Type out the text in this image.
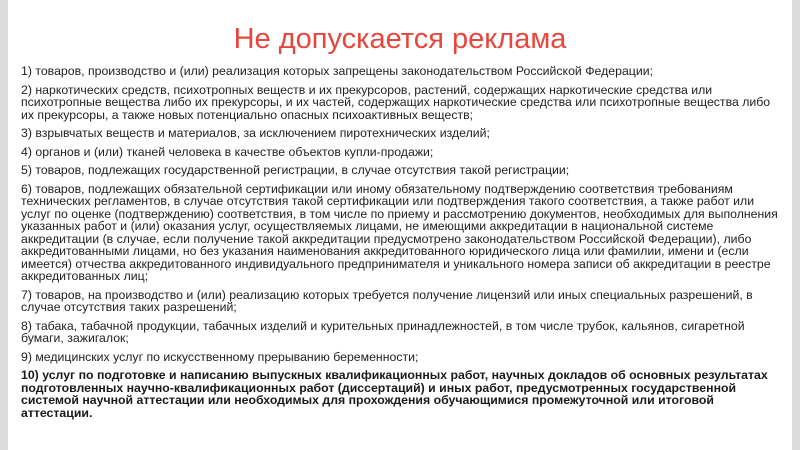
Не допускается реклама

1) товаров, производство и (или) реализация которых запрещены законодательством Российской Федерации;

2) наркотических средств, психотропных веществ и их прекурсоров, растений, содержащих наркотические средства или психотропные вещества либо их прекурсоры, и их частей, содержащих наркотические средства или психотропные вещества либо их прекурсоры, а также новых потенциально опасных психоактивных веществ;

3) взрывчатых веществ и материалов, за исключением пиротехнических изделий;

4) органов и (или) тканей человека в качестве объектов купли-продажи;

5) товаров, подлежащих государственной регистрации, в случае отсутствия такой регистрации;

6) товаров, подлежащих обязательной сертификации или иному обязательному подтверждению соответствия требованиям технических регламентов, в случае отсутствия такой сертификации или подтверждения такого соответствия, а также работ или услуг по оценке (подтверждению) соответствия, в том числе по приему и рассмотрению документов, необходимых для выполнения указанных работ и (или) оказания услуг, осуществляемых лицами, не имеющими аккредитации в национальной системе аккредитации (в случае, если получение такой аккредитации предусмотрено законодательством Российской Федерации), либо аккредитованными лицами, но без указания наименования аккредитованного юридического лица или фамилии, имени и (если имеется) отчества аккредитованного индивидуального предпринимателя и уникального номера записи об аккредитации в реестре аккредитованных лиц;

7) товаров, на производство и (или) реализацию которых требуется получение лицензий или иных специальных разрешений, в случае отсутствия таких разрешений;

8) табака, табачной продукции, табачных изделий и курительных принадлежностей, в том числе трубок, кальянов, сигаретной бумаги, зажигалок;

9) медицинских услуг по искусственному прерыванию беременности;

10) услуг по подготовке и написанию выпускных квалификационных работ, научных докладов об основных результатах подготовленных научно-квалификационных работ (диссертаций) и иных работ, предусмотренных государственной системой научной аттестации или необходимых для прохождения обучающимися промежуточной или итоговой аттестации.
